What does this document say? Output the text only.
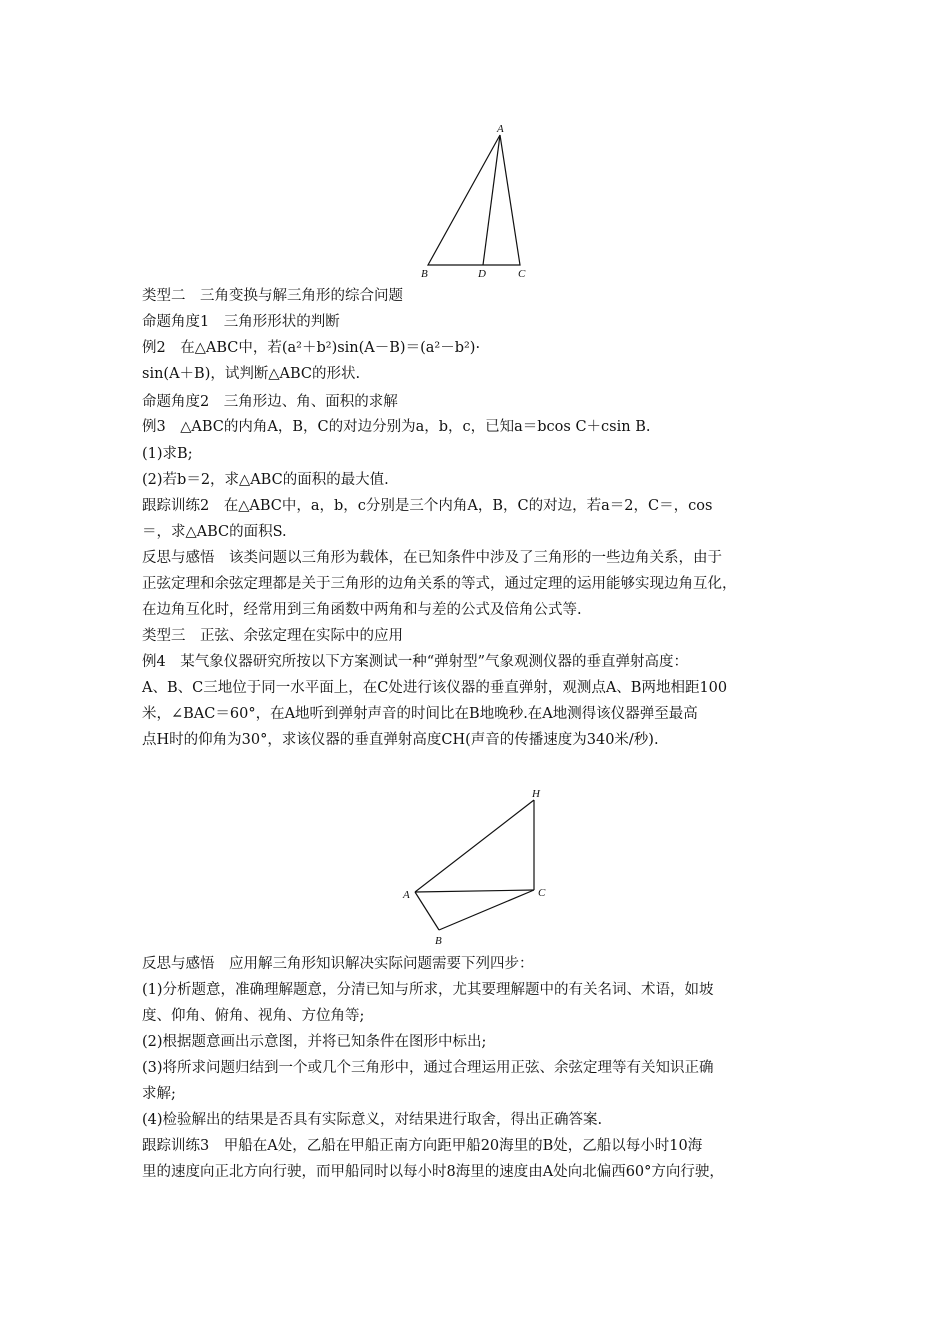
A
B	D	C
类型二　三角变换与解三角形的综合问题
命题角度1　三角形形状的判断
例2　在△ABC中，若(a²＋b²)sin(A－B)＝(a²－b²)·
sin(A＋B)，试判断△ABC的形状.
命题角度2　三角形边、角、面积的求解
例3　△ABC的内角A，B，C的对边分别为a，b，c，已知a＝bcos C＋csin B.
(1)求B;
(2)若b＝2，求△ABC的面积的最大值.
跟踪训练2　在△ABC中，a，b，c分别是三个内角A，B，C的对边，若a＝2，C＝，cos
＝，求△ABC的面积S.
反思与感悟　该类问题以三角形为载体，在已知条件中涉及了三角形的一些边角关系，由于
正弦定理和余弦定理都是关于三角形的边角关系的等式，通过定理的运用能够实现边角互化，
在边角互化时，经常用到三角函数中两角和与差的公式及倍角公式等.
类型三　正弦、余弦定理在实际中的应用
例4　某气象仪器研究所按以下方案测试一种“弹射型”气象观测仪器的垂直弹射高度：
A、B、C三地位于同一水平面上，在C处进行该仪器的垂直弹射，观测点A、B两地相距100
米，∠BAC＝60°，在A地听到弹射声音的时间比在B地晚秒.在A地测得该仪器弹至最高
点H时的仰角为30°，求该仪器的垂直弹射高度CH(声音的传播速度为340米/秒).
H
A	C
B
反思与感悟　应用解三角形知识解决实际问题需要下列四步：
(1)分析题意，准确理解题意，分清已知与所求，尤其要理解题中的有关名词、术语，如坡
度、仰角、俯角、视角、方位角等;
(2)根据题意画出示意图，并将已知条件在图形中标出;
(3)将所求问题归结到一个或几个三角形中，通过合理运用正弦、余弦定理等有关知识正确
求解;
(4)检验解出的结果是否具有实际意义，对结果进行取舍，得出正确答案.
跟踪训练3　甲船在A处，乙船在甲船正南方向距甲船20海里的B处，乙船以每小时10海
里的速度向正北方向行驶，而甲船同时以每小时8海里的速度由A处向北偏西60°方向行驶，
